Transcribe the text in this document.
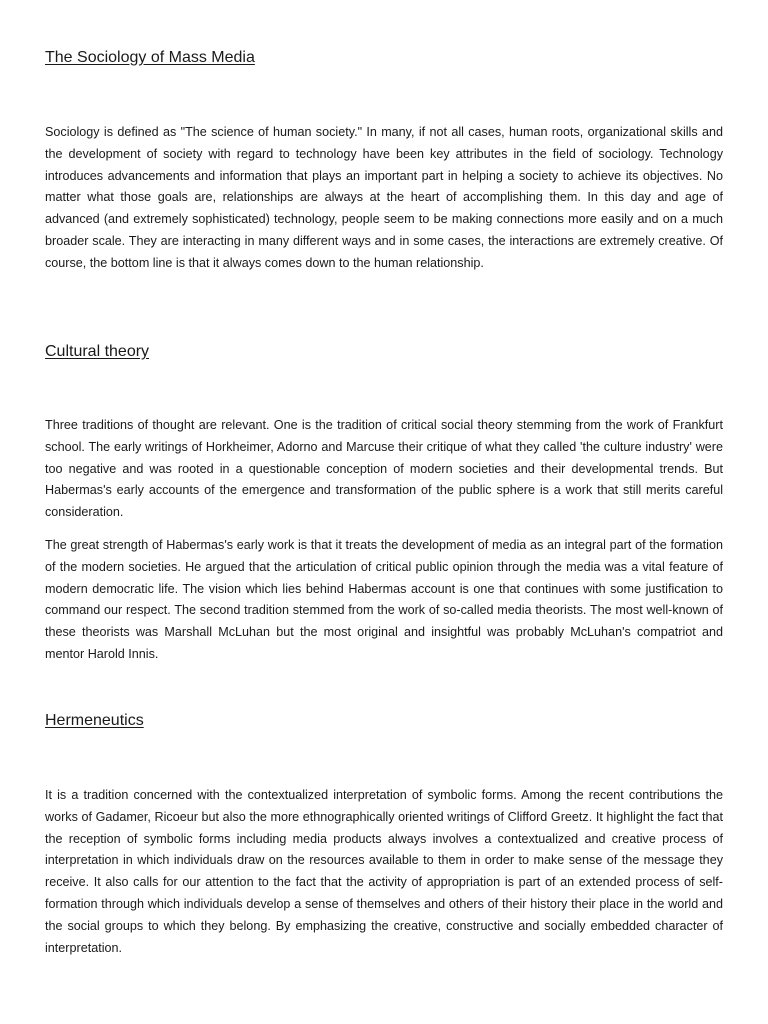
The Sociology of Mass Media

Sociology is defined as "The science of human society." In many, if not all cases, human roots, organizational skills and the development of society with regard to technology have been key attributes in the field of sociology. Technology introduces advancements and information that plays an important part in helping a society to achieve its objectives. No matter what those goals are, relationships are always at the heart of accomplishing them. In this day and age of advanced (and extremely sophisticated) technology, people seem to be making connections more easily and on a much broader scale. They are interacting in many different ways and in some cases, the interactions are extremely creative. Of course, the bottom line is that it always comes down to the human relationship.

Cultural theory

Three traditions of thought are relevant. One is the tradition of critical social theory stemming from the work of Frankfurt school. The early writings of Horkheimer, Adorno and Marcuse their critique of what they called 'the culture industry' were too negative and was rooted in a questionable conception of modern societies and their developmental trends. But Habermas's early accounts of the emergence and transformation of the public sphere is a work that still merits careful consideration.

The great strength of Habermas's early work is that it treats the development of media as an integral part of the formation of the modern societies. He argued that the articulation of critical public opinion through the media was a vital feature of modern democratic life. The vision which lies behind Habermas account is one that continues with some justification to command our respect. The second tradition stemmed from the work of so-called media theorists. The most well-known of these theorists was Marshall McLuhan but the most original and insightful was probably McLuhan's compatriot and mentor Harold Innis.

Hermeneutics

It is a tradition concerned with the contextualized interpretation of symbolic forms. Among the recent contributions the works of Gadamer, Ricoeur but also the more ethnographically oriented writings of Clifford Greetz. It highlight the fact that the reception of symbolic forms including media products always involves a contextualized and creative process of interpretation in which individuals draw on the resources available to them in order to make sense of the message they receive. It also calls for our attention to the fact that the activity of appropriation is part of an extended process of self-formation through which individuals develop a sense of themselves and others of their history their place in the world and the social groups to which they belong. By emphasizing the creative, constructive and socially embedded character of interpretation.
